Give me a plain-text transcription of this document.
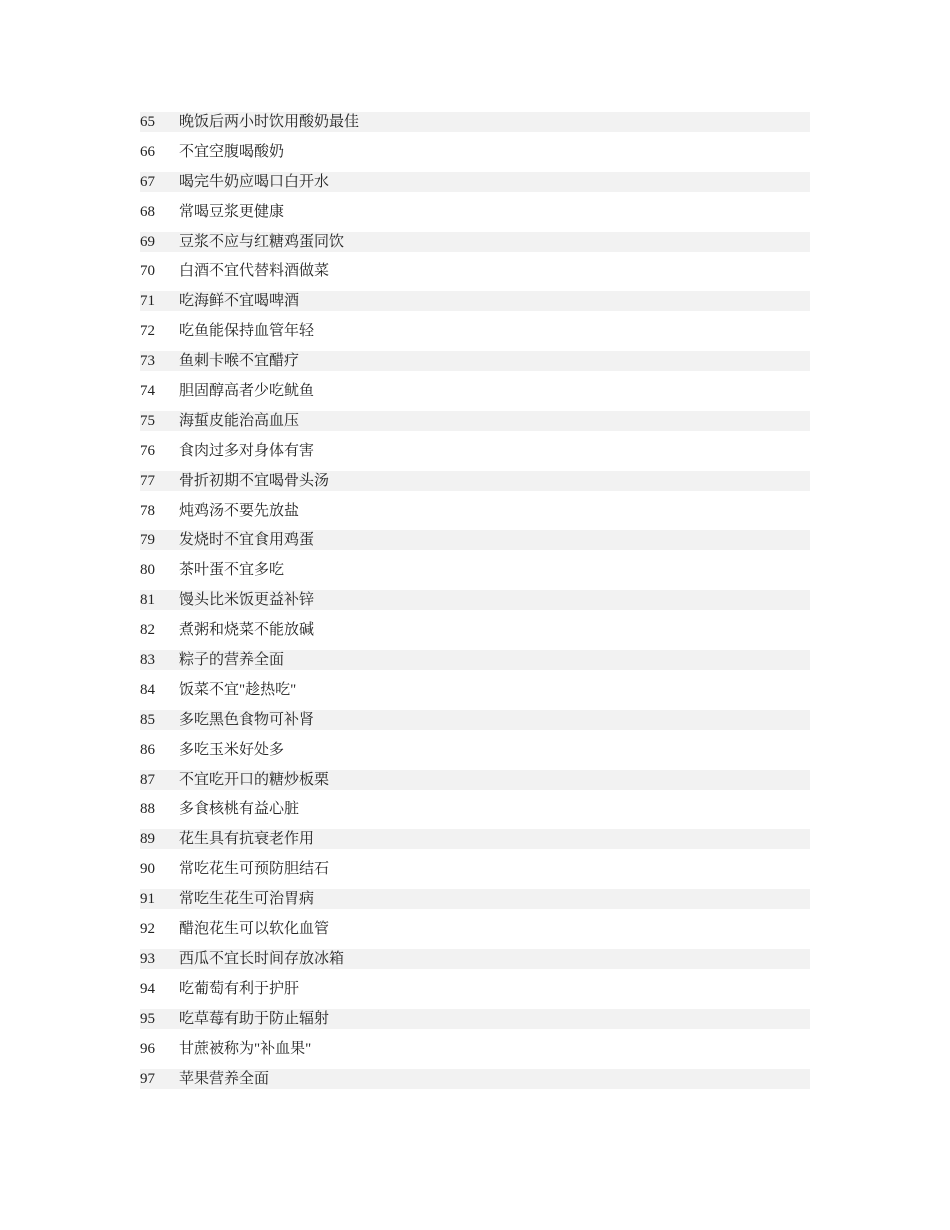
65	晚饭后两小时饮用酸奶最佳
66	不宜空腹喝酸奶
67	喝完牛奶应喝口白开水
68	常喝豆浆更健康
69	豆浆不应与红糖鸡蛋同饮
70	白酒不宜代替料酒做菜
71	吃海鲜不宜喝啤酒
72	吃鱼能保持血管年轻
73	鱼刺卡喉不宜醋疗
74	胆固醇高者少吃鱿鱼
75	海蜇皮能治高血压
76	食肉过多对身体有害
77	骨折初期不宜喝骨头汤
78	炖鸡汤不要先放盐
79	发烧时不宜食用鸡蛋
80	茶叶蛋不宜多吃
81	馒头比米饭更益补锌
82	煮粥和烧菜不能放碱
83	粽子的营养全面
84	饭菜不宜"趁热吃"
85	多吃黑色食物可补肾
86	多吃玉米好处多
87	不宜吃开口的糖炒板栗
88	多食核桃有益心脏
89	花生具有抗衰老作用
90	常吃花生可预防胆结石
91	常吃生花生可治胃病
92	醋泡花生可以软化血管
93	西瓜不宜长时间存放冰箱
94	吃葡萄有利于护肝
95	吃草莓有助于防止辐射
96	甘蔗被称为"补血果"
97	苹果营养全面
